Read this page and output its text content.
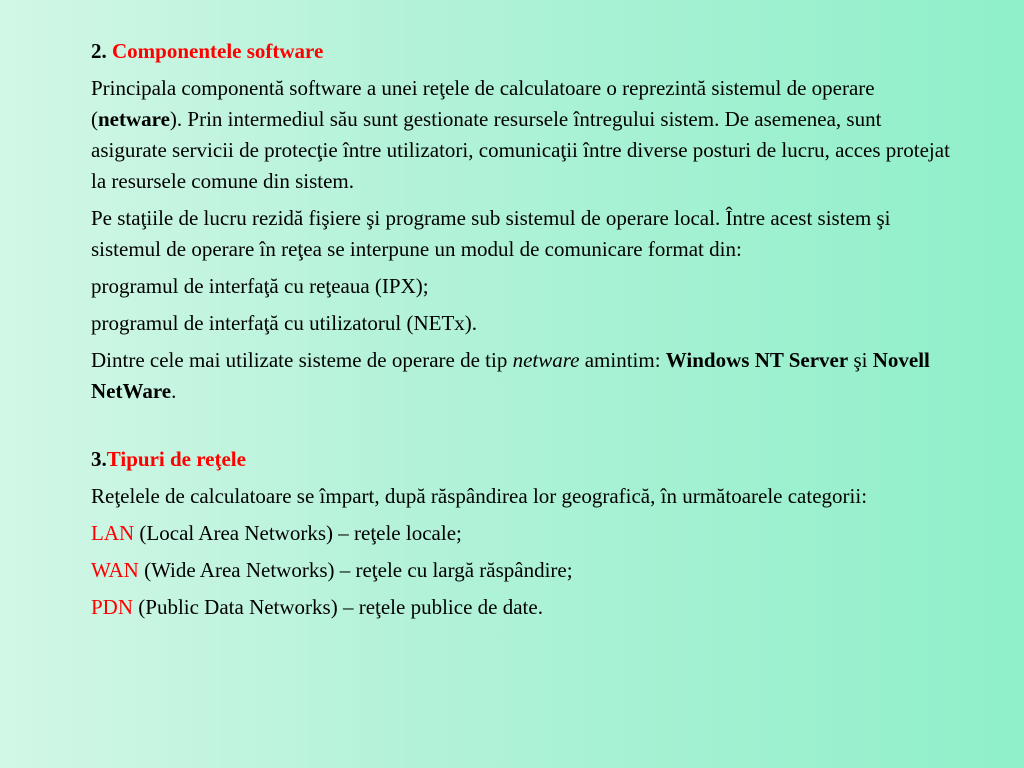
2. Componentele software

Principala componentă software a unei reţele de calculatoare o reprezintă sistemul de operare (netware). Prin intermediul său sunt gestionate resursele întregului sistem. De asemenea, sunt asigurate servicii de protecţie între utilizatori, comunicaţii între diverse posturi de lucru, acces protejat la resursele comune din sistem.

Pe staţiile de lucru rezidă fişiere şi programe sub sistemul de operare local. Între acest sistem şi sistemul de operare în reţea se interpune un modul de comunicare format din:

programul de interfaţă cu reţeaua (IPX);

programul de interfaţă cu utilizatorul (NETx).

Dintre cele mai utilizate sisteme de operare de tip netware amintim: Windows NT Server şi Novell NetWare.

3.Tipuri de reţele

Reţelele de calculatoare se împart, după răspândirea lor geografică, în următoarele categorii:

LAN (Local Area Networks) – reţele locale;

WAN (Wide Area Networks) – reţele cu largă răspândire;

PDN (Public Data Networks) – reţele publice de date.
